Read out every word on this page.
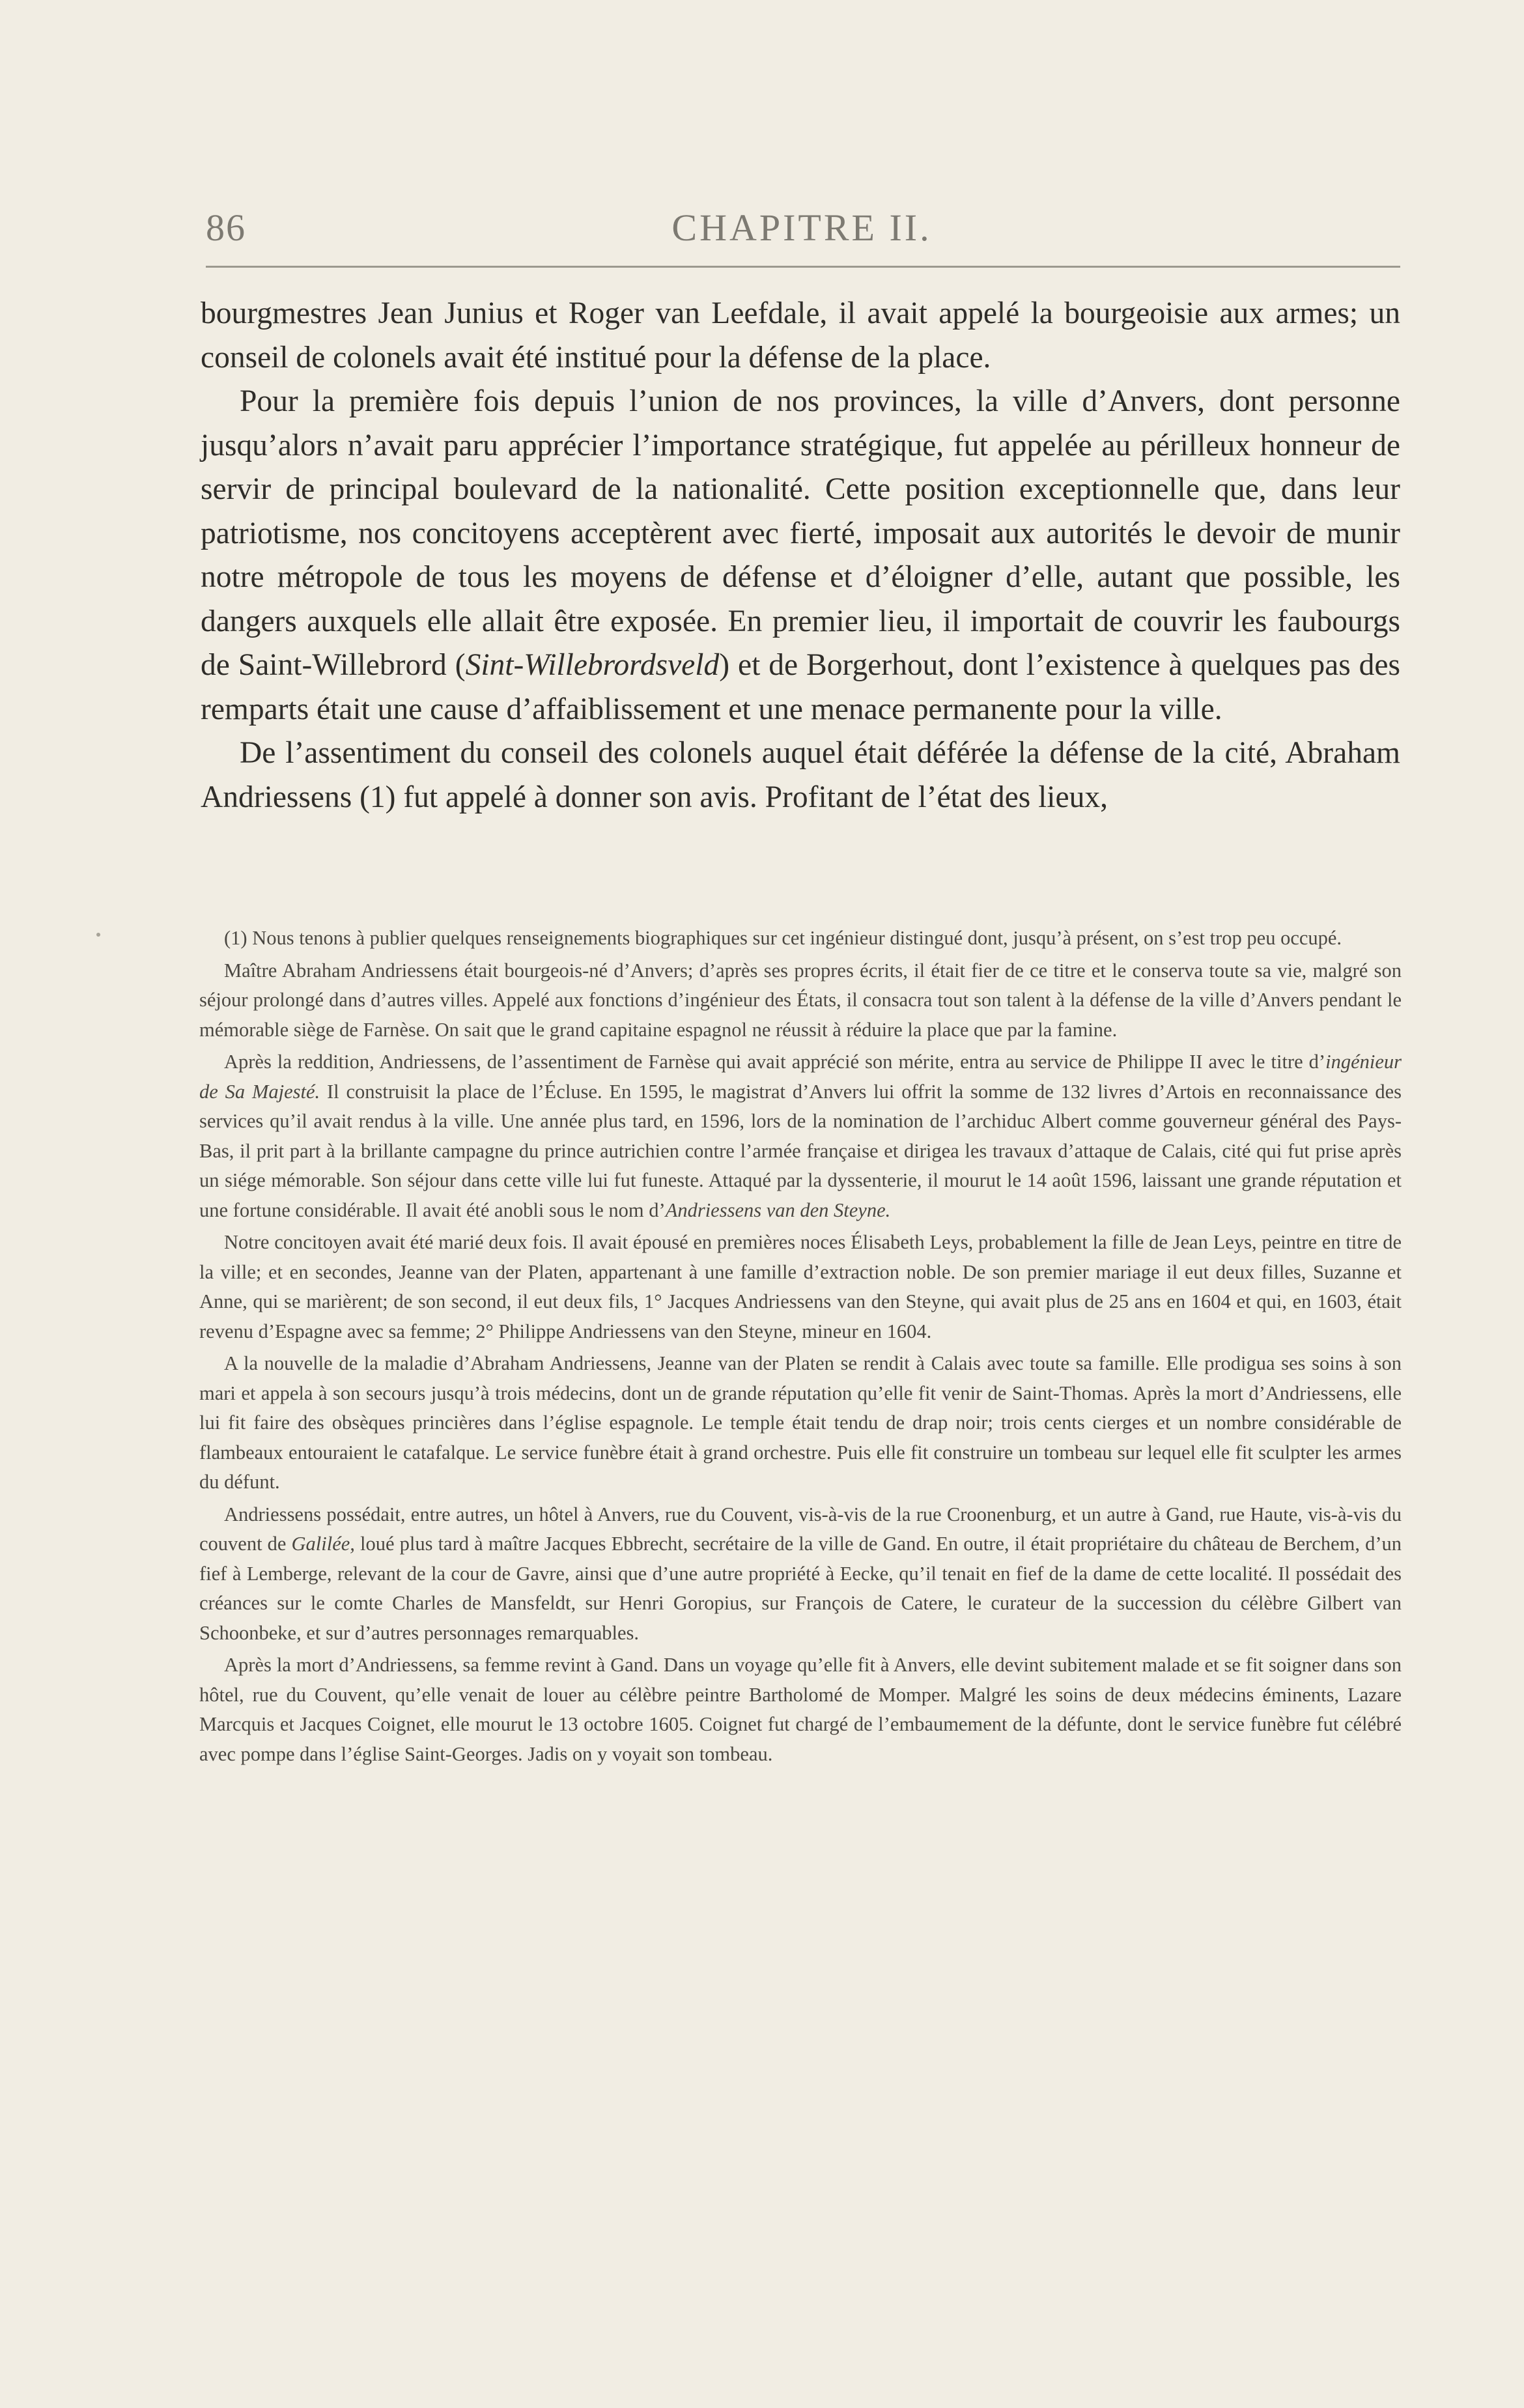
86	CHAPITRE II.

bourgmestres Jean Junius et Roger van Leefdale, il avait appelé la bourgeoisie aux armes; un conseil de colonels avait été institué pour la défense de la place.

Pour la première fois depuis l’union de nos provinces, la ville d’Anvers, dont personne jusqu’alors n’avait paru apprécier l’importance stratégique, fut appelée au périlleux honneur de servir de principal boulevard de la nationalité. Cette position exceptionnelle que, dans leur patriotisme, nos concitoyens acceptèrent avec fierté, imposait aux autorités le devoir de munir notre métropole de tous les moyens de défense et d’éloigner d’elle, autant que possible, les dangers auxquels elle allait être exposée. En premier lieu, il importait de couvrir les faubourgs de Saint-Willebrord (Sint-Willebrordsveld) et de Borgerhout, dont l’existence à quelques pas des remparts était une cause d’affaiblissement et une menace permanente pour la ville.

De l’assentiment du conseil des colonels auquel était déférée la défense de la cité, Abraham Andriessens (1) fut appelé à donner son avis. Profitant de l’état des lieux,

(1) Nous tenons à publier quelques renseignements biographiques sur cet ingénieur distingué dont, jusqu’à présent, on s’est trop peu occupé.

Maître Abraham Andriessens était bourgeois-né d’Anvers; d’après ses propres écrits, il était fier de ce titre et le conserva toute sa vie, malgré son séjour prolongé dans d’autres villes. Appelé aux fonctions d’ingénieur des États, il consacra tout son talent à la défense de la ville d’Anvers pendant le mémorable siège de Farnèse. On sait que le grand capitaine espagnol ne réussit à réduire la place que par la famine.

Après la reddition, Andriessens, de l’assentiment de Farnèse qui avait apprécié son mérite, entra au service de Philippe II avec le titre d’ingénieur de Sa Majesté. Il construisit la place de l’Écluse. En 1595, le magistrat d’Anvers lui offrit la somme de 132 livres d’Artois en reconnaissance des services qu’il avait rendus à la ville. Une année plus tard, en 1596, lors de la nomination de l’archiduc Albert comme gouverneur général des Pays-Bas, il prit part à la brillante campagne du prince autrichien contre l’armée française et dirigea les travaux d’attaque de Calais, cité qui fut prise après un siége mémorable. Son séjour dans cette ville lui fut funeste. Attaqué par la dyssenterie, il mourut le 14 août 1596, laissant une grande réputation et une fortune considérable. Il avait été anobli sous le nom d’Andriessens van den Steyne.

Notre concitoyen avait été marié deux fois. Il avait épousé en premières noces Élisabeth Leys, probablement la fille de Jean Leys, peintre en titre de la ville; et en secondes, Jeanne van der Platen, appartenant à une famille d’extraction noble. De son premier mariage il eut deux filles, Suzanne et Anne, qui se marièrent; de son second, il eut deux fils, 1° Jacques Andriessens van den Steyne, qui avait plus de 25 ans en 1604 et qui, en 1603, était revenu d’Espagne avec sa femme; 2° Philippe Andriessens van den Steyne, mineur en 1604.

A la nouvelle de la maladie d’Abraham Andriessens, Jeanne van der Platen se rendit à Calais avec toute sa famille. Elle prodigua ses soins à son mari et appela à son secours jusqu’à trois médecins, dont un de grande réputation qu’elle fit venir de Saint-Thomas. Après la mort d’Andriessens, elle lui fit faire des obsèques princières dans l’église espagnole. Le temple était tendu de drap noir; trois cents cierges et un nombre considérable de flambeaux entouraient le catafalque. Le service funèbre était à grand orchestre. Puis elle fit construire un tombeau sur lequel elle fit sculpter les armes du défunt.

Andriessens possédait, entre autres, un hôtel à Anvers, rue du Couvent, vis-à-vis de la rue Croonenburg, et un autre à Gand, rue Haute, vis-à-vis du couvent de Galilée, loué plus tard à maître Jacques Ebbrecht, secrétaire de la ville de Gand. En outre, il était propriétaire du château de Berchem, d’un fief à Lemberge, relevant de la cour de Gavre, ainsi que d’une autre propriété à Eecke, qu’il tenait en fief de la dame de cette localité. Il possédait des créances sur le comte Charles de Mansfeldt, sur Henri Goropius, sur François de Catere, le curateur de la succession du célèbre Gilbert van Schoonbeke, et sur d’autres personnages remarquables.

Après la mort d’Andriessens, sa femme revint à Gand. Dans un voyage qu’elle fit à Anvers, elle devint subitement malade et se fit soigner dans son hôtel, rue du Couvent, qu’elle venait de louer au célèbre peintre Bartholomé de Momper. Malgré les soins de deux médecins éminents, Lazare Marcquis et Jacques Coignet, elle mourut le 13 octobre 1605. Coignet fut chargé de l’embaumement de la défunte, dont le service funèbre fut célébré avec pompe dans l’église Saint-Georges. Jadis on y voyait son tombeau.
